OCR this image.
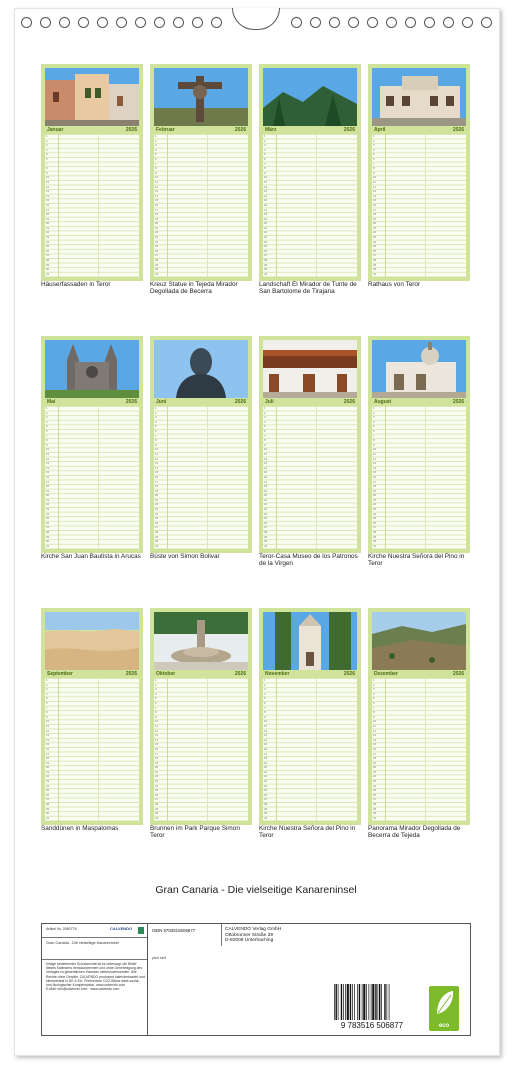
Januar	2026
1
2
3
4
5
6
7
8
9
10
11
12
13
14
15
16
17
18
19
20
21
22
23
24
25
26
27
28
29
30
31
Häuserfassaden in Teror
Februar	2026
1
2
3
4
5
6
7
8
9
10
11
12
13
14
15
16
17
18
19
20
21
22
23
24
25
26
27
28
29
30
31
Kreuz Statue in Tejeda Mirador Degollada de Becerra
März	2026
1
2
3
4
5
6
7
8
9
10
11
12
13
14
15
16
17
18
19
20
21
22
23
24
25
26
27
28
29
30
31
Landschaft El Mirador de Tunte de San Bartolome de Tirajana
April	2026
1
2
3
4
5
6
7
8
9
10
11
12
13
14
15
16
17
18
19
20
21
22
23
24
25
26
27
28
29
30
31
Rathaus von Teror
Mai	2026
1
2
3
4
5
6
7
8
9
10
11
12
13
14
15
16
17
18
19
20
21
22
23
24
25
26
27
28
29
30
31
Kirche San Juan Bautista in Arucas
Juni	2026
1
2
3
4
5
6
7
8
9
10
11
12
13
14
15
16
17
18
19
20
21
22
23
24
25
26
27
28
29
30
31
Büste von Simon Bolivar
Juli	2026
1
2
3
4
5
6
7
8
9
10
11
12
13
14
15
16
17
18
19
20
21
22
23
24
25
26
27
28
29
30
31
Teror-Casa Museo de los Patronos de la Virgen
August	2026
1
2
3
4
5
6
7
8
9
10
11
12
13
14
15
16
17
18
19
20
21
22
23
24
25
26
27
28
29
30
31
Kirche Nuestra Señora del Pino in Teror
September	2026
1
2
3
4
5
6
7
8
9
10
11
12
13
14
15
16
17
18
19
20
21
22
23
24
25
26
27
28
29
30
31
Sanddünen in Maspalomas
Oktober	2026
1
2
3
4
5
6
7
8
9
10
11
12
13
14
15
16
17
18
19
20
21
22
23
24
25
26
27
28
29
30
31
Brunnen im Park Parque Simon Teror
November	2026
1
2
3
4
5
6
7
8
9
10
11
12
13
14
15
16
17
18
19
20
21
22
23
24
25
26
27
28
29
30
31
Kirche Nuestra Señora del Pino in Teror
Dezember	2026
1
2
3
4
5
6
7
8
9
10
11
12
13
14
15
16
17
18
19
20
21
22
23
24
25
26
27
28
29
30
31
Panorama Mirador Degollada de Becerra de Tejeda
Gran Canaria - Die vielseitige Kanareninsel
Artikel Nr. 2080776	CALVENDO
Gran Canaria - Die vielseitige Kanareninsel
Infolge bestehender Schutzrechte ist es untersagt, die Bilder dieses Kalenders herauszutrennen und ohne Genehmigung des Verlages zu gewerblichen Zwecken weiterzuverwenden. Alle Rechte ohne Gewähr. CALVENDO produziert kalenderbasiert und klimaneutral in DE & EU. Printversion CO2-Bilanz dank sozial- und ökologischer Kompensation. www.calvendo.com
E-Mail: info@calvendo.com · www.calvendo.com
ISBN 9783516506877	CALVENDO Verlag GmbH
Ottobrunner Straße 39
D-82008 Unterhaching
plus seit
9 783516 506877	eco
